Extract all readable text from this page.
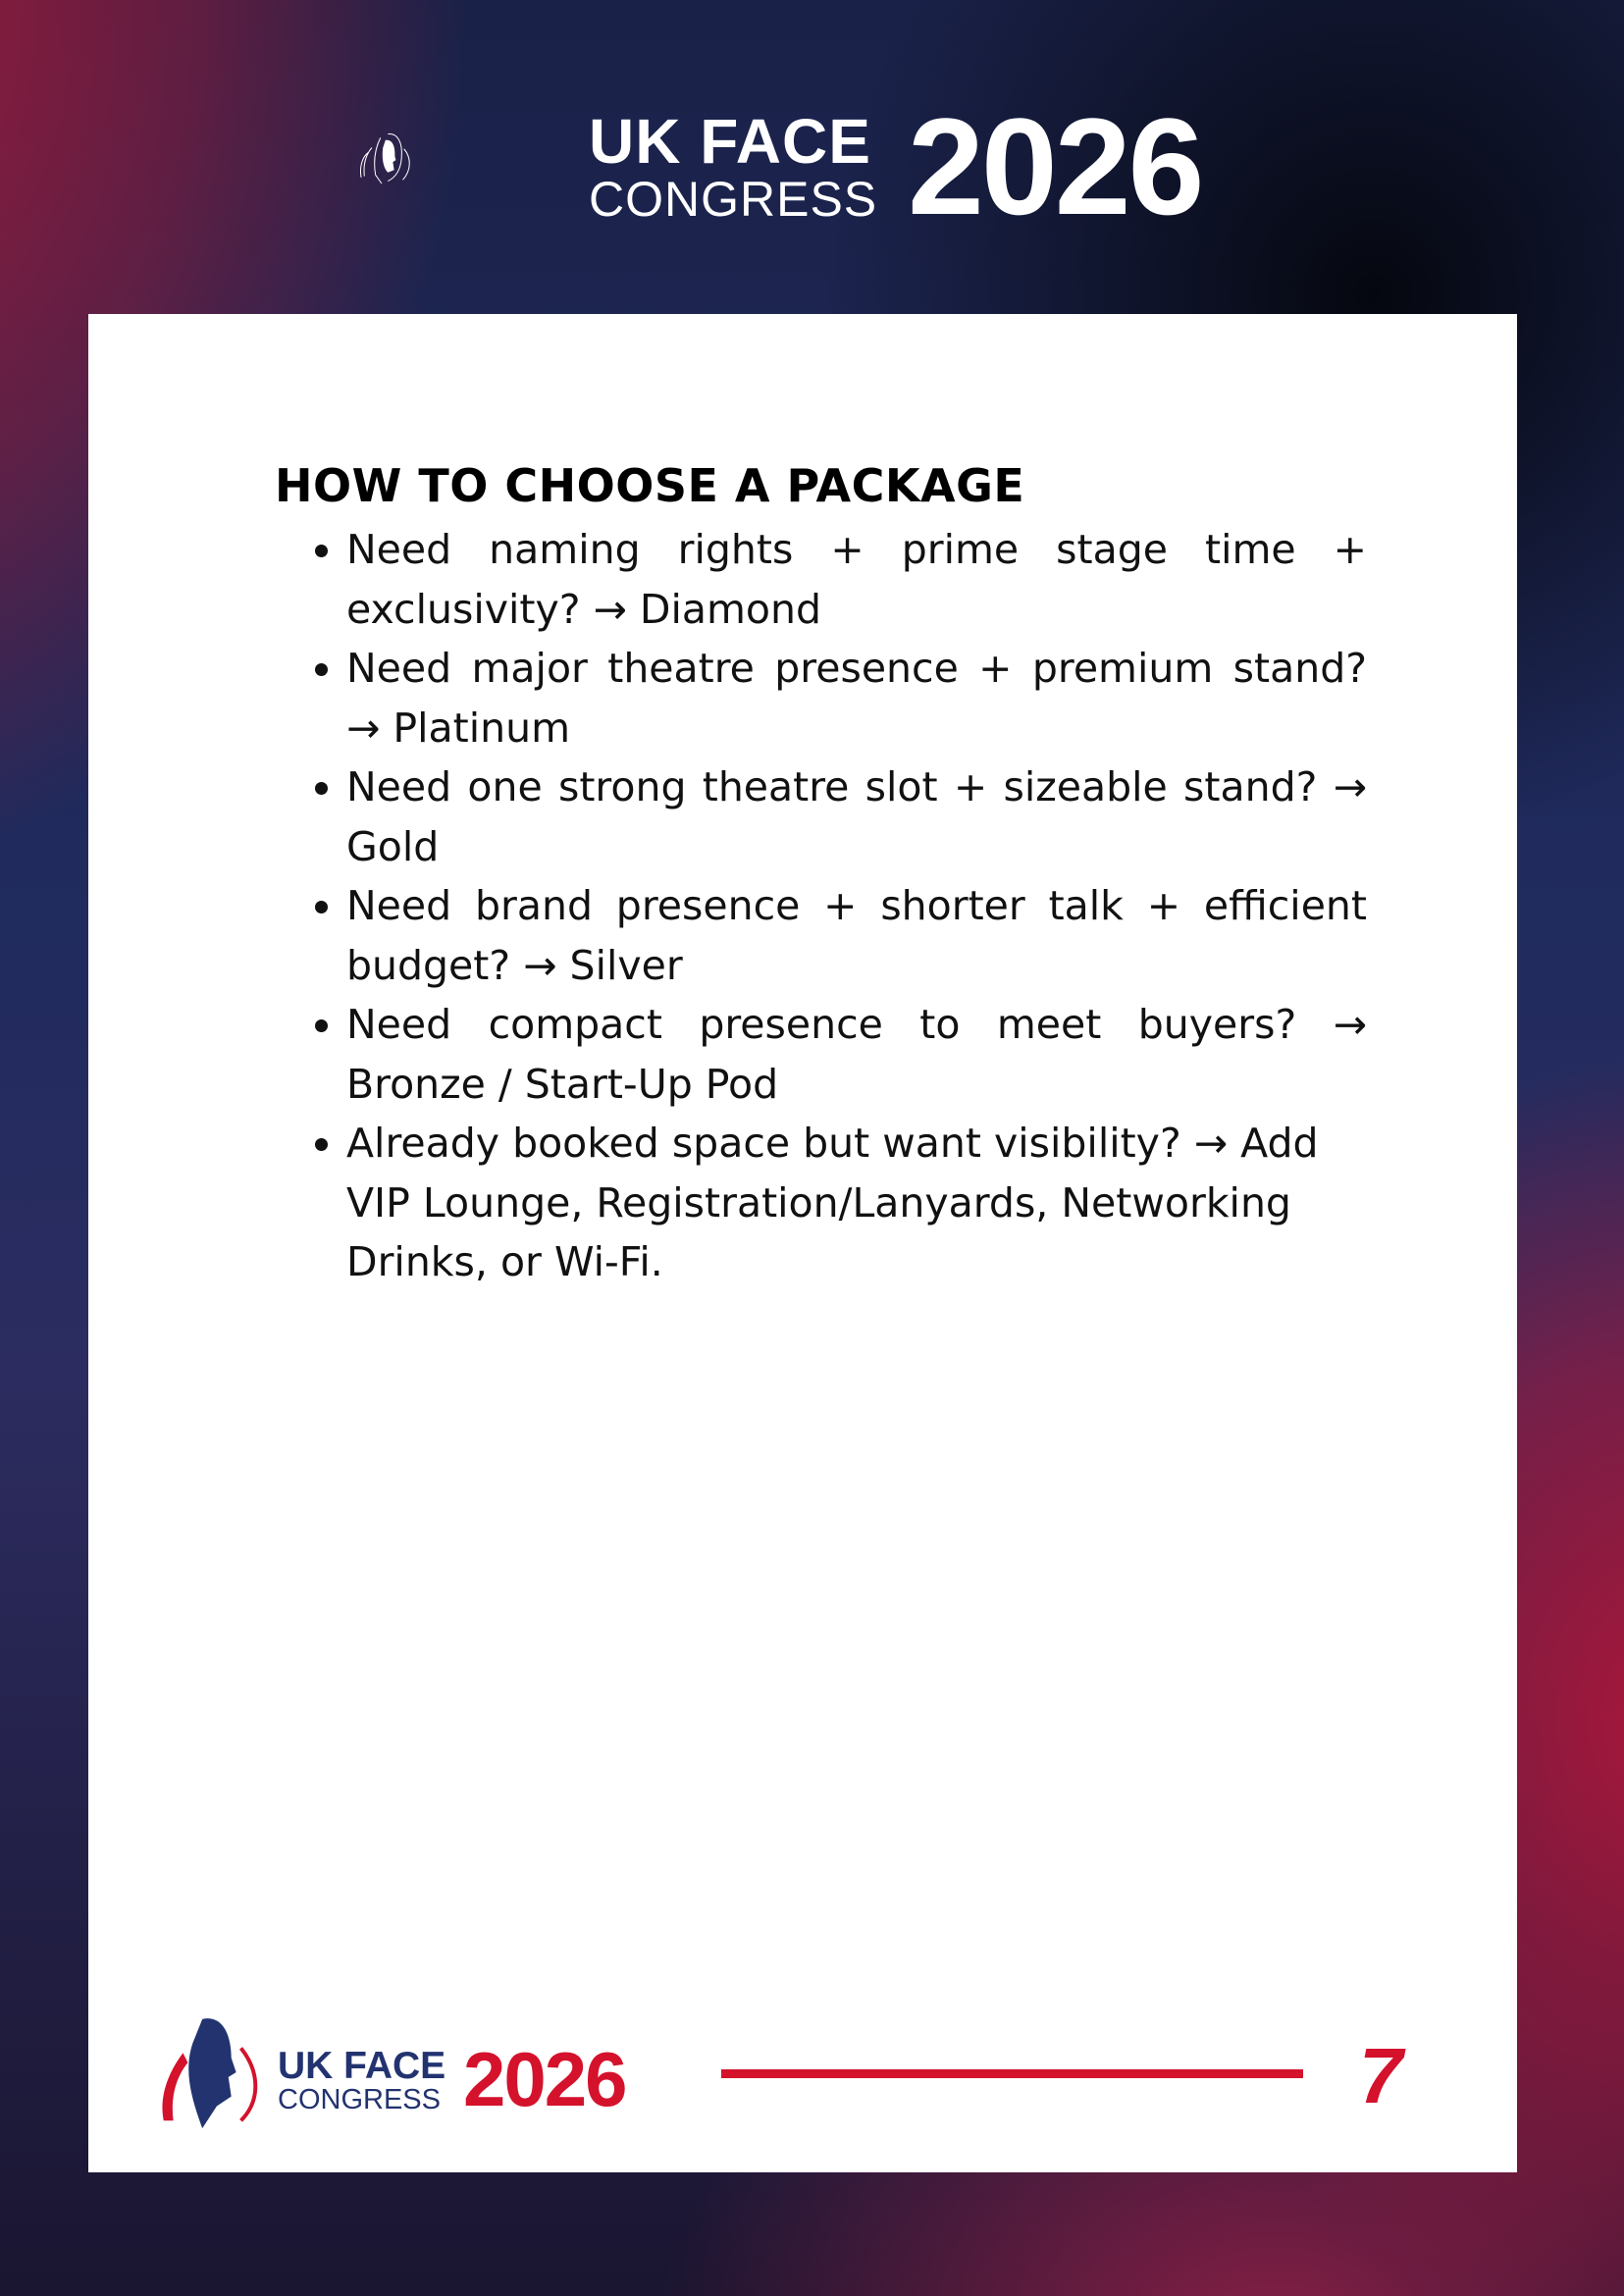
UK FACE
CONGRESS 2026
HOW TO CHOOSE A PACKAGE
• Need naming rights + prime stage time + exclusivity? → Diamond
• Need major theatre presence + premium stand? → Platinum
• Need one strong theatre slot + sizeable stand? → Gold
• Need brand presence + shorter talk + efficient budget? → Silver
• Need compact presence to meet buyers? → Bronze / Start-Up Pod
• Already booked space but want visibility? → Add VIP Lounge, Registration/Lanyards, Networking Drinks, or Wi-Fi.
UK FACE
CONGRESS 2026	7
